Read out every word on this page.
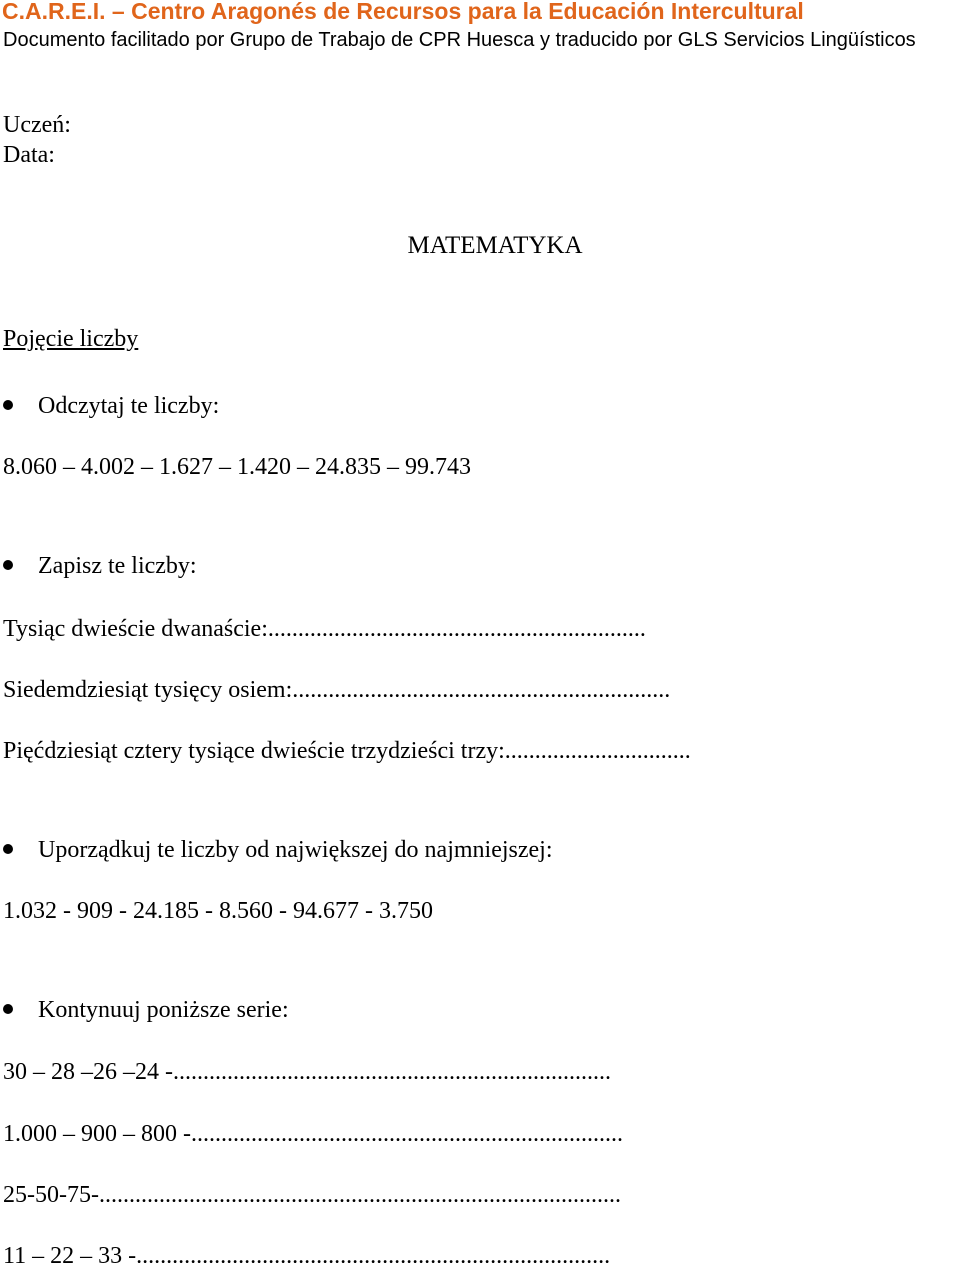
C.A.R.E.I. – Centro Aragonés de Recursos para la Educación Intercultural
Documento facilitado por Grupo de Trabajo de CPR Huesca y traducido por GLS Servicios Lingüísticos
Uczeń:
Data:
MATEMATYKA
Pojęcie liczby
Odczytaj te liczby:
8.060 – 4.002 – 1.627 – 1.420 – 24.835 – 99.743
Zapisz te liczby:
Tysiąc dwieście dwanaście:...............................................................
Siedemdziesiąt tysięcy osiem:...............................................................
Pięćdziesiąt cztery tysiące dwieście trzydzieści trzy:...............................
Uporządkuj te liczby od największej do najmniejszej:
1.032 - 909 - 24.185 - 8.560 - 94.677 - 3.750
Kontynuuj poniższe serie:
30 – 28 –26 –24 -.........................................................................
1.000 – 900 – 800 -........................................................................
25-50-75-.......................................................................................
11 – 22 – 33 -...............................................................................
